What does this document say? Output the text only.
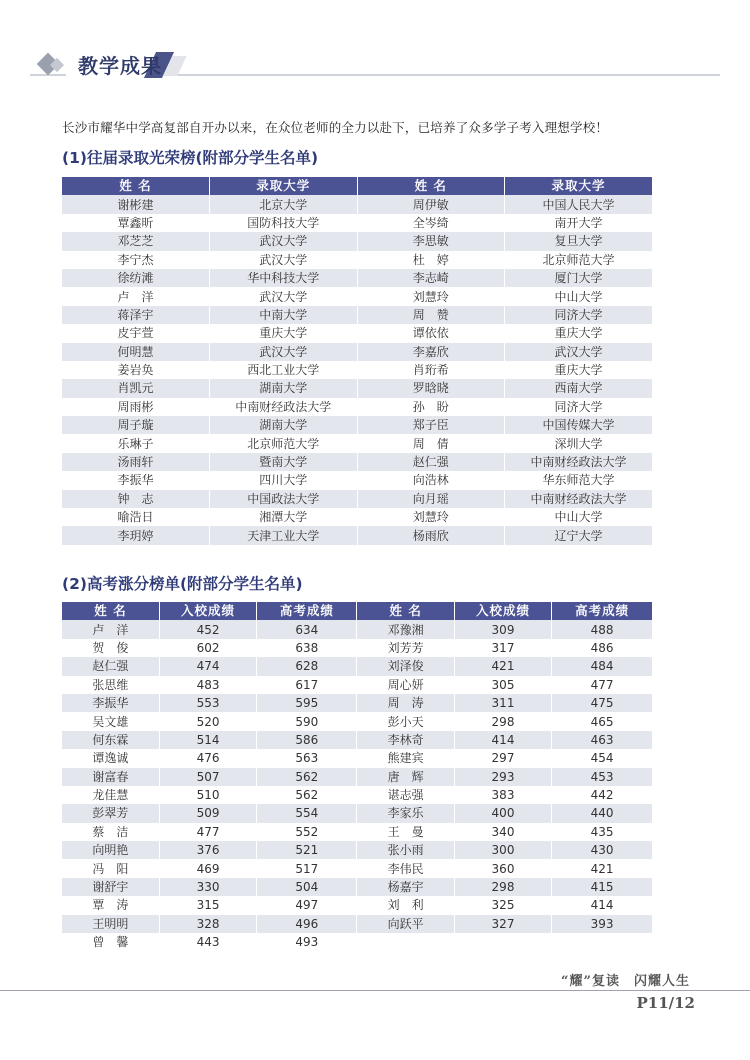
教学成果
长沙市耀华中学高复部自开办以来，在众位老师的全力以赴下，已培养了众多学子考入理想学校！
(1)往届录取光荣榜(附部分学生名单)
姓 名	录取大学	姓 名	录取大学
谢彬建	北京大学	周伊敏	中国人民大学
覃鑫昕	国防科技大学	全岑绮	南开大学
邓芝芝	武汉大学	李思敏	复旦大学
李宁杰	武汉大学	杜　婷	北京师范大学
徐纺滩	华中科技大学	李志崎	厦门大学
卢　洋	武汉大学	刘慧玲	中山大学
蒋泽宇	中南大学	周　赞	同济大学
皮宇萱	重庆大学	谭依依	重庆大学
何明慧	武汉大学	李嘉欣	武汉大学
姜岩奂	西北工业大学	肖珩希	重庆大学
肖凯元	湖南大学	罗晗晓	西南大学
周雨彬	中南财经政法大学	孙　盼	同济大学
周子璇	湖南大学	郑子臣	中国传媒大学
乐琳子	北京师范大学	周　倩	深圳大学
汤雨轩	暨南大学	赵仁强	中南财经政法大学
李振华	四川大学	向浩林	华东师范大学
钟　志	中国政法大学	向月瑶	中南财经政法大学
喻浩日	湘潭大学	刘慧玲	中山大学
李玥婷	天津工业大学	杨雨欣	辽宁大学
(2)高考涨分榜单(附部分学生名单)
姓 名	入校成绩	高考成绩	姓 名	入校成绩	高考成绩
卢　洋	452	634	邓豫湘	309	488
贺　俊	602	638	刘芳芳	317	486
赵仁强	474	628	刘泽俊	421	484
张思维	483	617	周心妍	305	477
李振华	553	595	周　涛	311	475
吴文雄	520	590	彭小天	298	465
何东霖	514	586	李林奇	414	463
谭逸诚	476	563	熊建宾	297	454
谢富春	507	562	唐　辉	293	453
龙佳慧	510	562	谌志强	383	442
彭翠芳	509	554	李家乐	400	440
蔡　洁	477	552	王　曼	340	435
向明艳	376	521	张小雨	300	430
冯　阳	469	517	李伟民	360	421
谢舒宇	330	504	杨嘉宇	298	415
覃　涛	315	497	刘　利	325	414
王明明	328	496	向跃平	327	393
曾　馨	443	493			
“耀”复读　闪耀人生
P11/12
